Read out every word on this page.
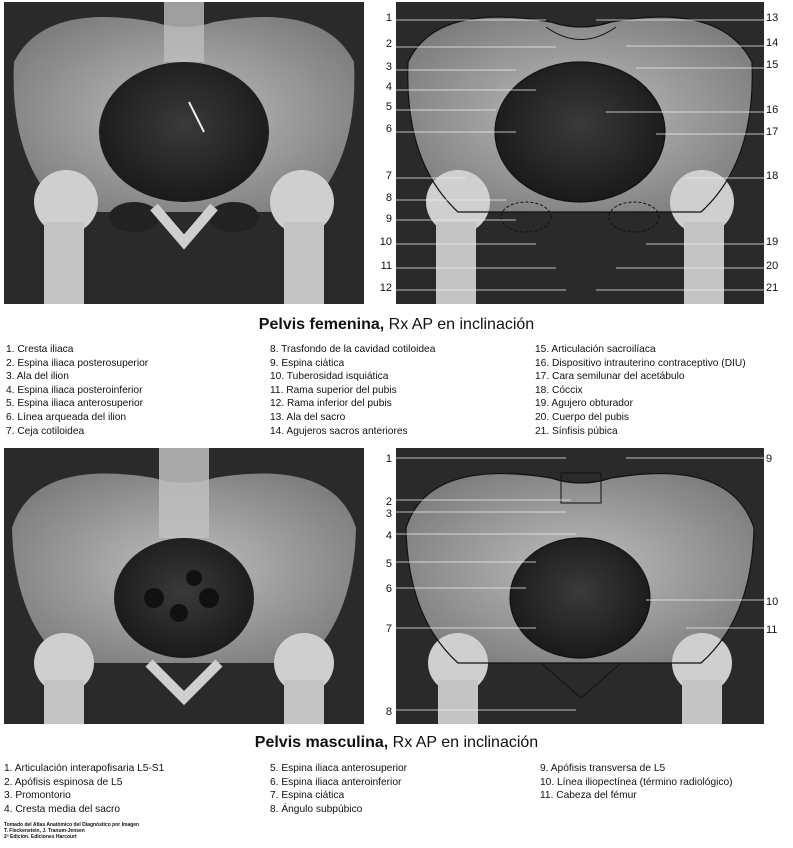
1
2
3
4
5
6
7
8
9
10
11
12
13
14
15
16
17
18
19
20
21
Pelvis femenina, Rx AP en inclinación
1. Cresta iliaca
2. Espina iliaca posterosuperior
3. Ala del ilion
4. Espina iliaca posteroinferior
5. Espina iliaca anterosuperior
6. Línea arqueada del ilion
7. Ceja cotiloidea
8. Trasfondo de la cavidad cotiloidea
9. Espina ciática
10. Tuberosidad isquiática
11. Rama superior del pubis
12. Rama inferior del pubis
13. Ala del sacro
14. Agujeros sacros anteriores
15. Articulación sacroilíaca
16. Dispositivo intrauterino contraceptivo (DIU)
17. Cara semilunar del acetábulo
18. Cóccix
19. Agujero obturador
20. Cuerpo del pubis
21. Sínfisis púbica
1
2
3
4
5
6
7
8
9
10
11
Pelvis masculina, Rx AP en inclinación
1. Articulación interapofisaria L5-S1
2. Apófisis espinosa de L5
3. Promontorio
4. Cresta media del sacro
5. Espina iliaca anterosuperior
6. Espina iliaca anteroinferior
7. Espina ciática
8. Ángulo subpúbico
9. Apófisis transversa de L5
10. Línea iliopectínea (término radiológico)
11. Cabeza del fémur
Tomado del Atlas Anatómico del Diagnóstico por Imagen
T. Fleckenstein, J. Tranum-Jensen
2ª Edición. Ediciones Harcourt
